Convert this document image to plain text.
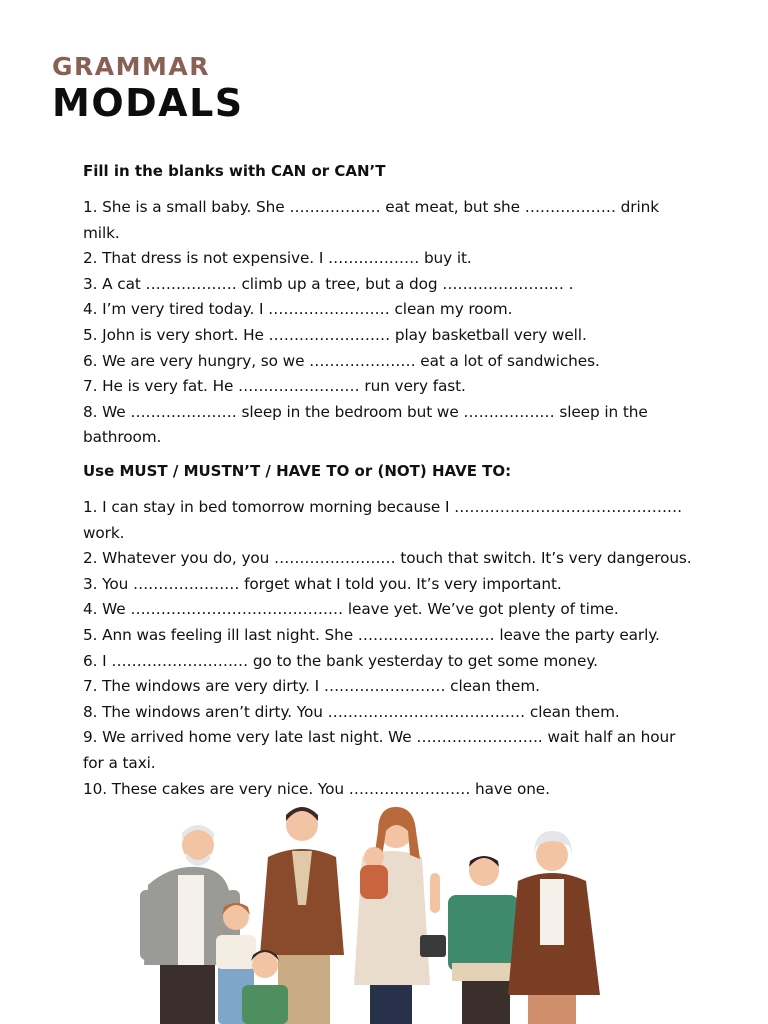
GRAMMAR
MODALS

Fill in the blanks with CAN or CAN’T

1. She is a small baby. She ……………… eat meat, but she ……………… drink milk.
2. That dress is not expensive. I ……………… buy it.
3. A cat ……………… climb up a tree, but a dog …………………… .
4. I’m very tired today. I …………………… clean my room.
5. John is very short. He …………………… play basketball very well.
6. We are very hungry, so we ………………… eat a lot of sandwiches.
7. He is very fat. He …………………… run very fast.
8. We ………………… sleep in the bedroom but we ……………… sleep in the bathroom.

Use MUST / MUSTN’T / HAVE TO or (NOT) HAVE TO:

1. I can stay in bed tomorrow morning because I ………………………………………work.
2. Whatever you do, you …………………… touch that switch. It’s very dangerous.
3. You ………………… forget what I told you. It’s very important.
4. We …………………………………… leave yet. We’ve got plenty of time.
5. Ann was feeling ill last night. She ……………………… leave the party early.
6. I ……………………… go to the bank yesterday to get some money.
7. The windows are very dirty. I …………………… clean them.
8. The windows aren’t dirty. You ………………………………… clean them.
9. We arrived home very late last night. We ……………………. wait half an hour for a taxi.
10. These cakes are very nice. You …………………… have one.
